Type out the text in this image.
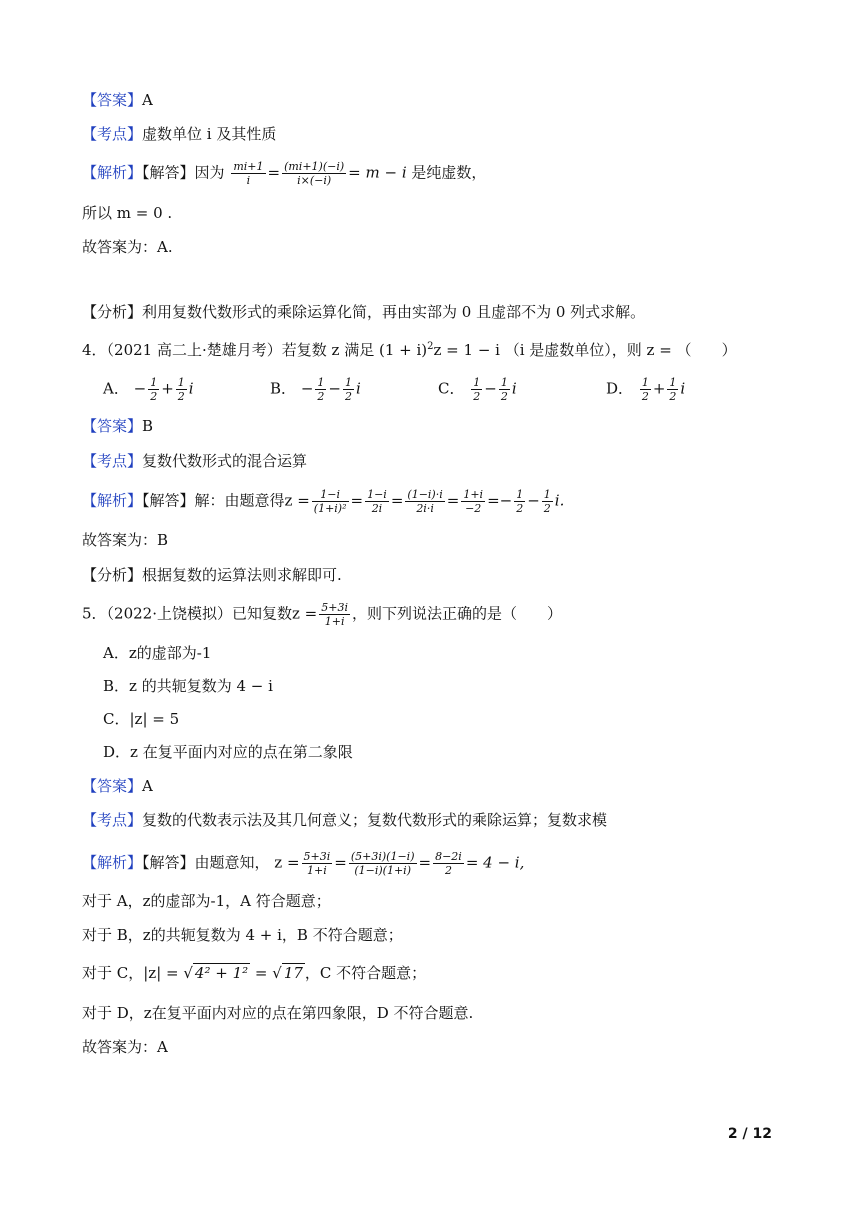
【答案】A
【考点】虚数单位 i 及其性质
【解析】【解答】因为 $\frac{mi+1}{i} = \frac{(mi+1)(-i)}{i\times(-i)} = m - i$ 是纯虚数，
所以 m = 0 .
故答案为：A.
【分析】利用复数代数形式的乘除运算化简，再由实部为 0 且虚部不为 0 列式求解。
4．（2021 高二上·楚雄月考）若复数 z 满足 $(1 + i)^2z = 1 - i$ （i 是虚数单位），则 z = （　　）
A． − $\frac{1}{2} + \frac{1}{2}$ i	B． − $\frac{1}{2} - \frac{1}{2}$ i	C． $\frac{1}{2} - \frac{1}{2}$ i	D． $\frac{1}{2} + \frac{1}{2}$ i
【答案】B
【考点】复数代数形式的混合运算
【解析】【解答】解：由题意得$z = \frac{1-i}{\text{(1+i)²}} = \frac{1-i}{2i} = \frac{(1-i)\cdot i}{2i\cdot i} = \frac{1+i}{-2} =- \frac{1}{2} - \frac{1}{2} i$.
故答案为：B
【分析】根据复数的运算法则求解即可.
5．（2022·上饶模拟）已知复数$z = \frac{5+3i}{1+i}$ ，则下列说法正确的是（　　）
A．z的虚部为-1
B．z 的共轭复数为 4 − i
C．|z| = 5
D．z 在复平面内对应的点在第二象限
【答案】A
【考点】复数的代数表示法及其几何意义；复数代数形式的乘除运算；复数求模
【解析】【解答】由题意知， $z = \frac{5+3i}{1+i} = \frac{(5+3i)(1-i)}{(1-i)(1+i)} = \frac{8-2i}{2} = 4 - i$,
对于 A，z的虚部为-1，A 符合题意；
对于 B，z的共轭复数为 4 + i，B 不符合题意；
对于 C，|z| = √ 4² + 1² = √ 17 ，C 不符合题意；
对于 D，z在复平面内对应的点在第四象限，D 不符合题意.
故答案为：A
2 / 12
